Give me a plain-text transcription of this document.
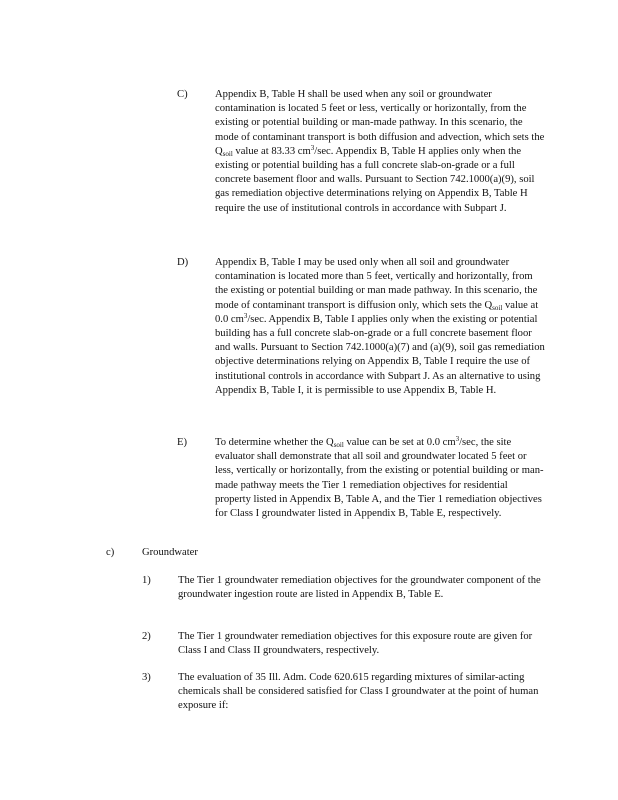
C)	Appendix B, Table H shall be used when any soil or groundwater contamination is located 5 feet or less, vertically or horizontally, from the existing or potential building or man-made pathway. In this scenario, the mode of contaminant transport is both diffusion and advection, which sets the $Q_{soil}$ value at 83.33 $cm^3/\sec$. Appendix B, Table H applies only when the existing or potential building has a full concrete slab-on-grade or a full concrete basement floor and walls. Pursuant to Section 742.1000(a)(9), soil gas remediation objective determinations relying on Appendix B, Table H require the use of institutional controls in accordance with Subpart J.
D)	Appendix B, Table I may be used only when all soil and groundwater contamination is located more than 5 feet, vertically and horizontally, from the existing or potential building or man made pathway. In this scenario, the mode of contaminant transport is diffusion only, which sets the $Q_{soil}$ value at 0.0 $cm^3/\sec$. Appendix B, Table I applies only when the existing or potential building has a full concrete slab-on-grade or a full concrete basement floor and walls. Pursuant to Section 742.1000(a)(7) and (a)(9), soil gas remediation objective determinations relying on Appendix B, Table I require the use of institutional controls in accordance with Subpart J. As an alternative to using Appendix B, Table I, it is permissible to use Appendix B, Table H.
E)	To determine whether the $Q_{soil}$ value can be set at 0.0 $cm^3/\sec$, the site evaluator shall demonstrate that all soil and groundwater located 5 feet or less, vertically or horizontally, from the existing or potential building or man-made pathway meets the Tier 1 remediation objectives for residential property listed in Appendix B, Table A, and the Tier 1 remediation objectives for Class I groundwater listed in Appendix B, Table E, respectively.
c)	Groundwater
1)	The Tier 1 groundwater remediation objectives for the groundwater component of the groundwater ingestion route are listed in Appendix B, Table E.
2)	The Tier 1 groundwater remediation objectives for this exposure route are given for Class I and Class II groundwaters, respectively.
3)	The evaluation of 35 Ill. Adm. Code 620.615 regarding mixtures of similar-acting chemicals shall be considered satisfied for Class I groundwater at the point of human exposure if:
